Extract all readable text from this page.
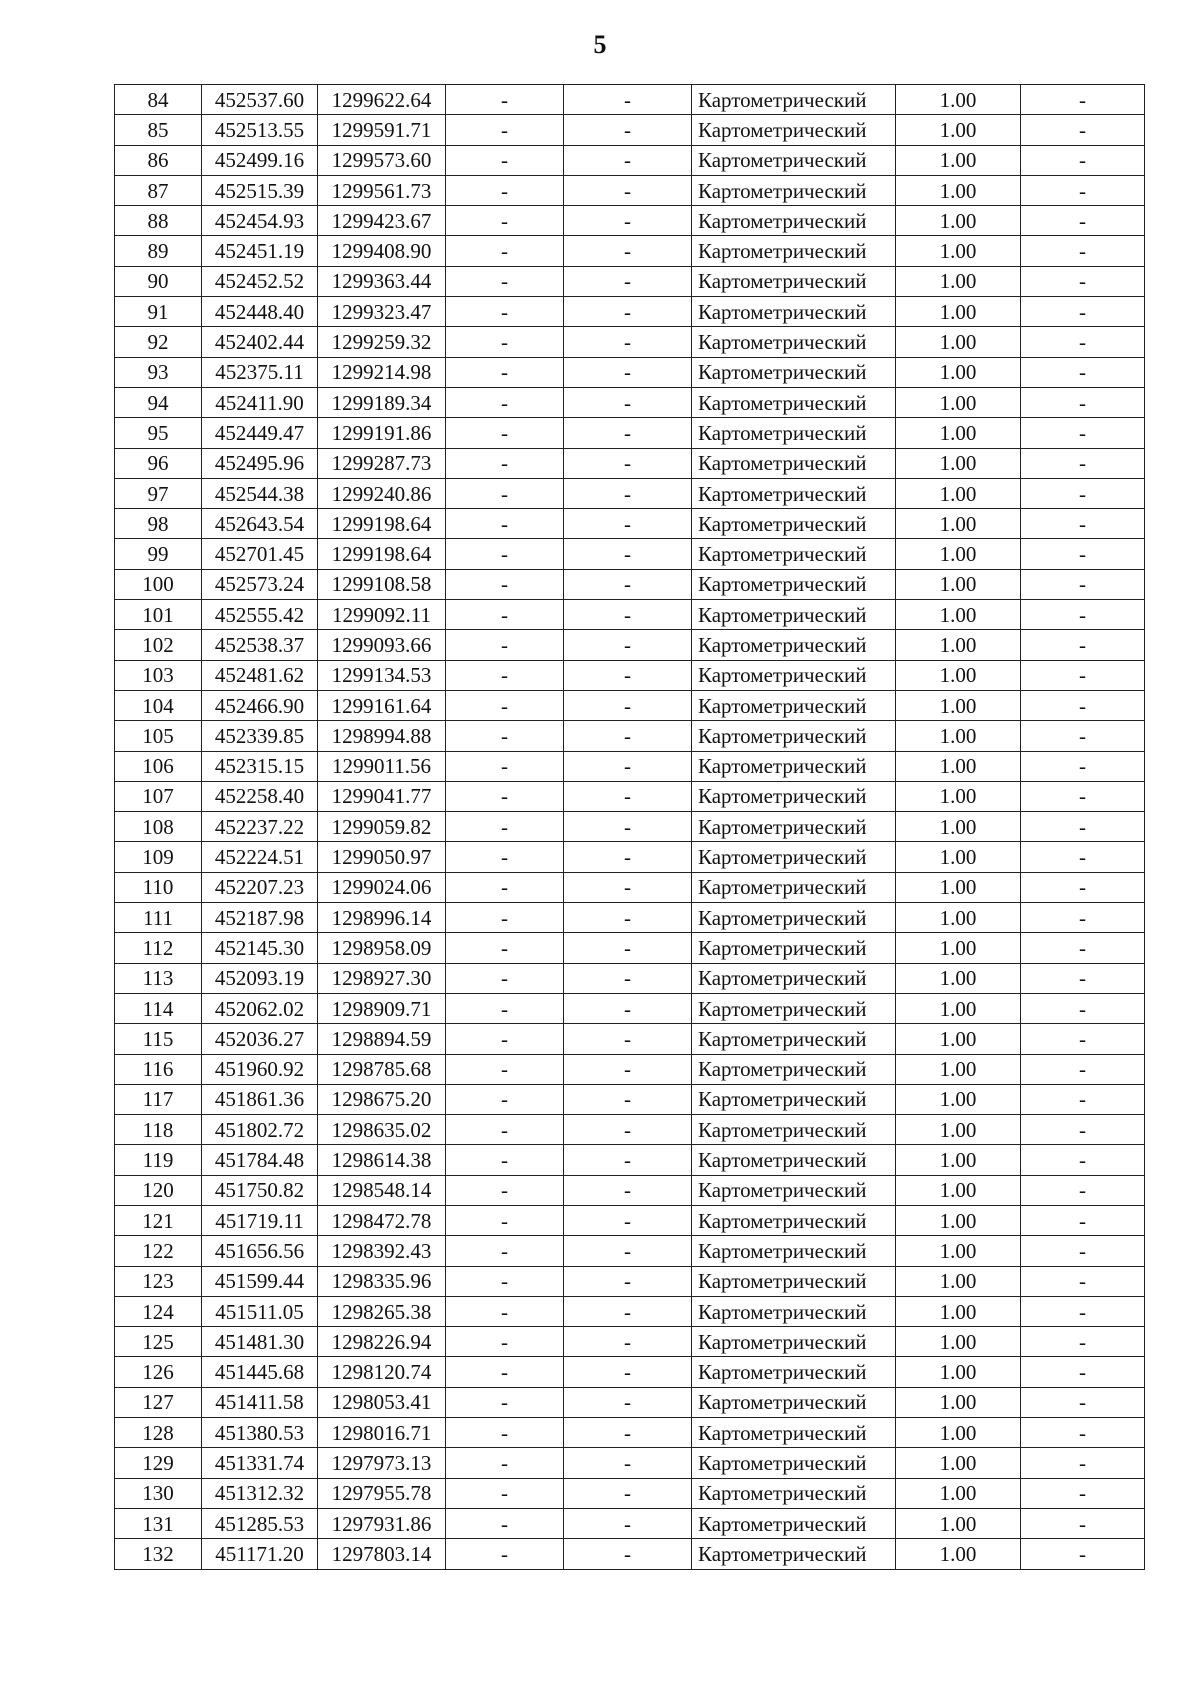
5
84	452537.60	1299622.64	-	-	Картометрический	1.00	-
85	452513.55	1299591.71	-	-	Картометрический	1.00	-
86	452499.16	1299573.60	-	-	Картометрический	1.00	-
87	452515.39	1299561.73	-	-	Картометрический	1.00	-
88	452454.93	1299423.67	-	-	Картометрический	1.00	-
89	452451.19	1299408.90	-	-	Картометрический	1.00	-
90	452452.52	1299363.44	-	-	Картометрический	1.00	-
91	452448.40	1299323.47	-	-	Картометрический	1.00	-
92	452402.44	1299259.32	-	-	Картометрический	1.00	-
93	452375.11	1299214.98	-	-	Картометрический	1.00	-
94	452411.90	1299189.34	-	-	Картометрический	1.00	-
95	452449.47	1299191.86	-	-	Картометрический	1.00	-
96	452495.96	1299287.73	-	-	Картометрический	1.00	-
97	452544.38	1299240.86	-	-	Картометрический	1.00	-
98	452643.54	1299198.64	-	-	Картометрический	1.00	-
99	452701.45	1299198.64	-	-	Картометрический	1.00	-
100	452573.24	1299108.58	-	-	Картометрический	1.00	-
101	452555.42	1299092.11	-	-	Картометрический	1.00	-
102	452538.37	1299093.66	-	-	Картометрический	1.00	-
103	452481.62	1299134.53	-	-	Картометрический	1.00	-
104	452466.90	1299161.64	-	-	Картометрический	1.00	-
105	452339.85	1298994.88	-	-	Картометрический	1.00	-
106	452315.15	1299011.56	-	-	Картометрический	1.00	-
107	452258.40	1299041.77	-	-	Картометрический	1.00	-
108	452237.22	1299059.82	-	-	Картометрический	1.00	-
109	452224.51	1299050.97	-	-	Картометрический	1.00	-
110	452207.23	1299024.06	-	-	Картометрический	1.00	-
111	452187.98	1298996.14	-	-	Картометрический	1.00	-
112	452145.30	1298958.09	-	-	Картометрический	1.00	-
113	452093.19	1298927.30	-	-	Картометрический	1.00	-
114	452062.02	1298909.71	-	-	Картометрический	1.00	-
115	452036.27	1298894.59	-	-	Картометрический	1.00	-
116	451960.92	1298785.68	-	-	Картометрический	1.00	-
117	451861.36	1298675.20	-	-	Картометрический	1.00	-
118	451802.72	1298635.02	-	-	Картометрический	1.00	-
119	451784.48	1298614.38	-	-	Картометрический	1.00	-
120	451750.82	1298548.14	-	-	Картометрический	1.00	-
121	451719.11	1298472.78	-	-	Картометрический	1.00	-
122	451656.56	1298392.43	-	-	Картометрический	1.00	-
123	451599.44	1298335.96	-	-	Картометрический	1.00	-
124	451511.05	1298265.38	-	-	Картометрический	1.00	-
125	451481.30	1298226.94	-	-	Картометрический	1.00	-
126	451445.68	1298120.74	-	-	Картометрический	1.00	-
127	451411.58	1298053.41	-	-	Картометрический	1.00	-
128	451380.53	1298016.71	-	-	Картометрический	1.00	-
129	451331.74	1297973.13	-	-	Картометрический	1.00	-
130	451312.32	1297955.78	-	-	Картометрический	1.00	-
131	451285.53	1297931.86	-	-	Картометрический	1.00	-
132	451171.20	1297803.14	-	-	Картометрический	1.00	-
